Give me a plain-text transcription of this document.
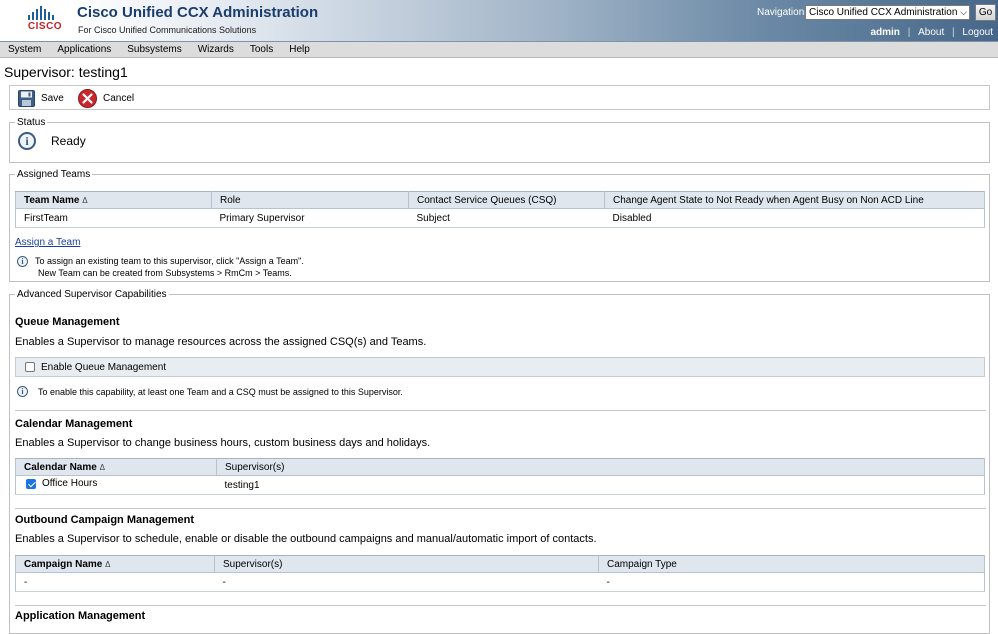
CISCO
Cisco Unified CCX Administration
For Cisco Unified Communications Solutions
Navigation Cisco Unified CCX Administration ⌵	Go
admin | About | Logout
System Applications Subsystems Wizards Tools Help
Supervisor: testing1
Save	Cancel
Status
i	Ready
Assigned Teams
Team Name Δ	Role	Contact Service Queues (CSQ)	Change Agent State to Not Ready when Agent Busy on Non ACD Line
FirstTeam	Primary Supervisor	Subject	Disabled
Assign a Team
i	To assign an existing team to this supervisor, click "Assign a Team".
New Team can be created from Subsystems > RmCm > Teams.
Advanced Supervisor Capabilities
Queue Management
Enables a Supervisor to manage resources across the assigned CSQ(s) and Teams.
Enable Queue Management
i	To enable this capability, at least one Team and a CSQ must be assigned to this Supervisor.
Calendar Management
Enables a Supervisor to change business hours, custom business days and holidays.
Calendar Name Δ	Supervisor(s)

Office Hours	testing1
Outbound Campaign Management
Enables a Supervisor to schedule, enable or disable the outbound campaigns and manual/automatic import of contacts.
Campaign Name Δ	Supervisor(s)	Campaign Type
-	-	-
Application Management
